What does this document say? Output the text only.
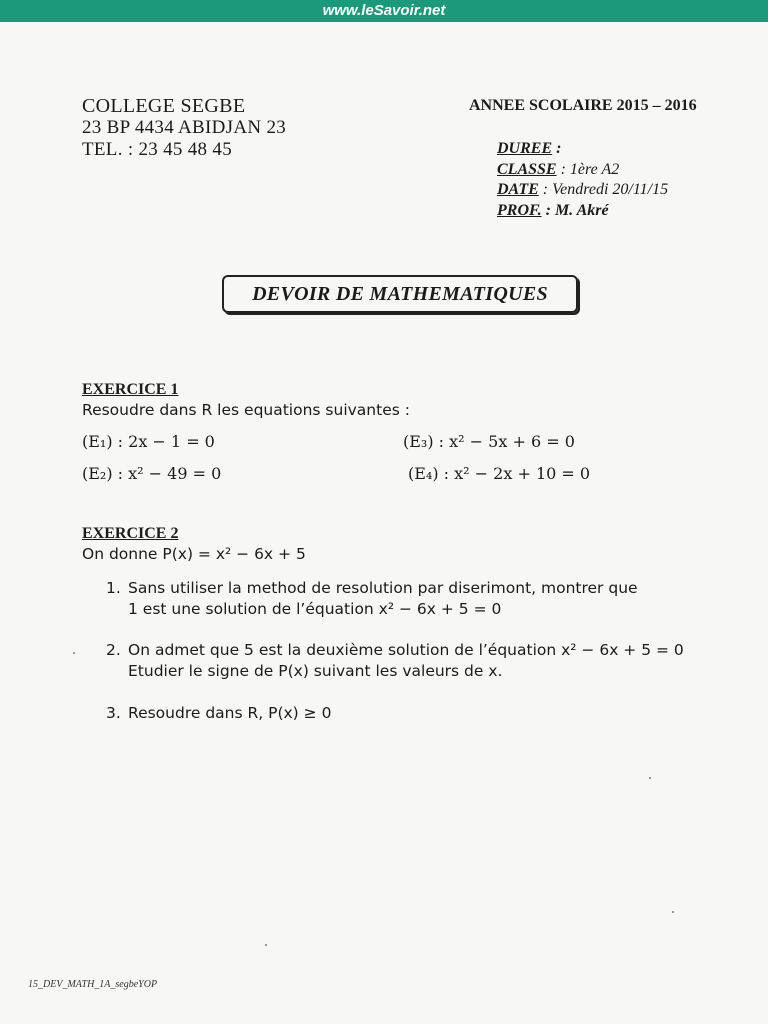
www.leSavoir.net
COLLEGE SEGBE
23 BP 4434 ABIDJAN 23
TEL. : 23 45 48 45
ANNEE SCOLAIRE 2015 – 2016
DUREE :
CLASSE : 1ère A2
DATE : Vendredi 20/11/15
PROF. : M. Akré
DEVOIR DE MATHEMATIQUES
EXERCICE 1
Resoudre dans R les equations suivantes :
(E₁) : 2x − 1 = 0	(E₃) : x² − 5x + 6 = 0
(E₂) : x² − 49 = 0	(E₄) : x² − 2x + 10 = 0
EXERCICE 2
On donne P(x) = x² − 6x + 5
1. Sans utiliser la method de resolution par diserimont, montrer que
1 est une solution de l’équation x² − 6x + 5 = 0
2. On admet que 5 est la deuxième solution de l’équation x² − 6x + 5 = 0
Etudier le signe de P(x) suivant les valeurs de x.
3. Resoudre dans R, P(x) ≥ 0
15_DEV_MATH_1A_segbeYOP
